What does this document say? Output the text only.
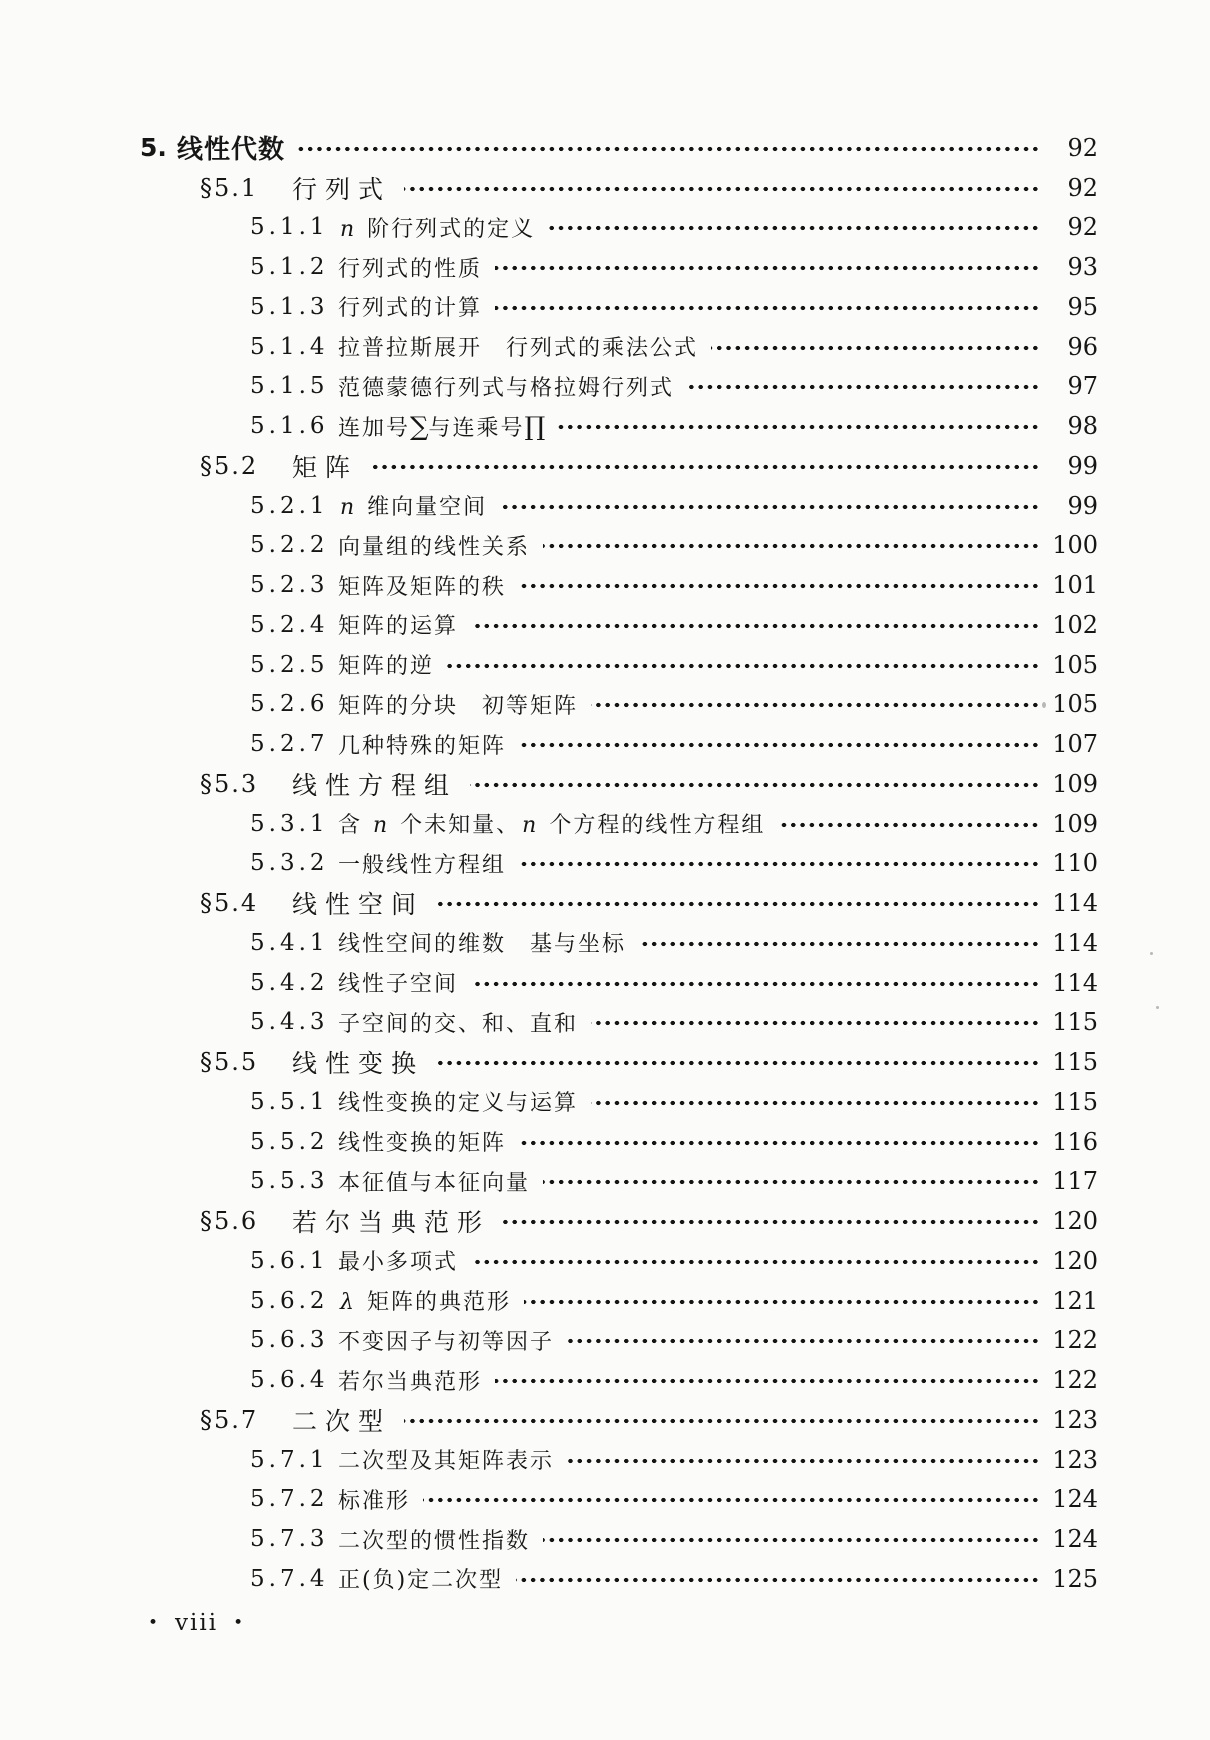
5. 线性代数	92
§5.1	行列式	92
5.1.1 n 阶行列式的定义	92
5.1.2 行列式的性质	93
5.1.3 行列式的计算	95
5.1.4 拉普拉斯展开　行列式的乘法公式	96
5.1.5 范德蒙德行列式与格拉姆行列式	97
5.1.6 连加号∑与连乘号∏	98
§5.2	矩阵	99
5.2.1 n 维向量空间	99
5.2.2 向量组的线性关系	100
5.2.3 矩阵及矩阵的秩	101
5.2.4 矩阵的运算	102
5.2.5 矩阵的逆	105
5.2.6 矩阵的分块　初等矩阵	105
5.2.7 几种特殊的矩阵	107
§5.3	线性方程组	109
5.3.1 含 n 个未知量、n 个方程的线性方程组	109
5.3.2 一般线性方程组	110
§5.4	线性空间	114
5.4.1 线性空间的维数　基与坐标	114
5.4.2 线性子空间	114
5.4.3 子空间的交、和、直和	115
§5.5	线性变换	115
5.5.1 线性变换的定义与运算	115
5.5.2 线性变换的矩阵	116
5.5.3 本征值与本征向量	117
§5.6	若尔当典范形	120
5.6.1 最小多项式	120
5.6.2 λ 矩阵的典范形	121
5.6.3 不变因子与初等因子	122
5.6.4 若尔当典范形	122
§5.7	二次型	123
5.7.1 二次型及其矩阵表示	123
5.7.2 标准形	124
5.7.3 二次型的惯性指数	124
5.7.4 正(负)定二次型	125
• viii •
